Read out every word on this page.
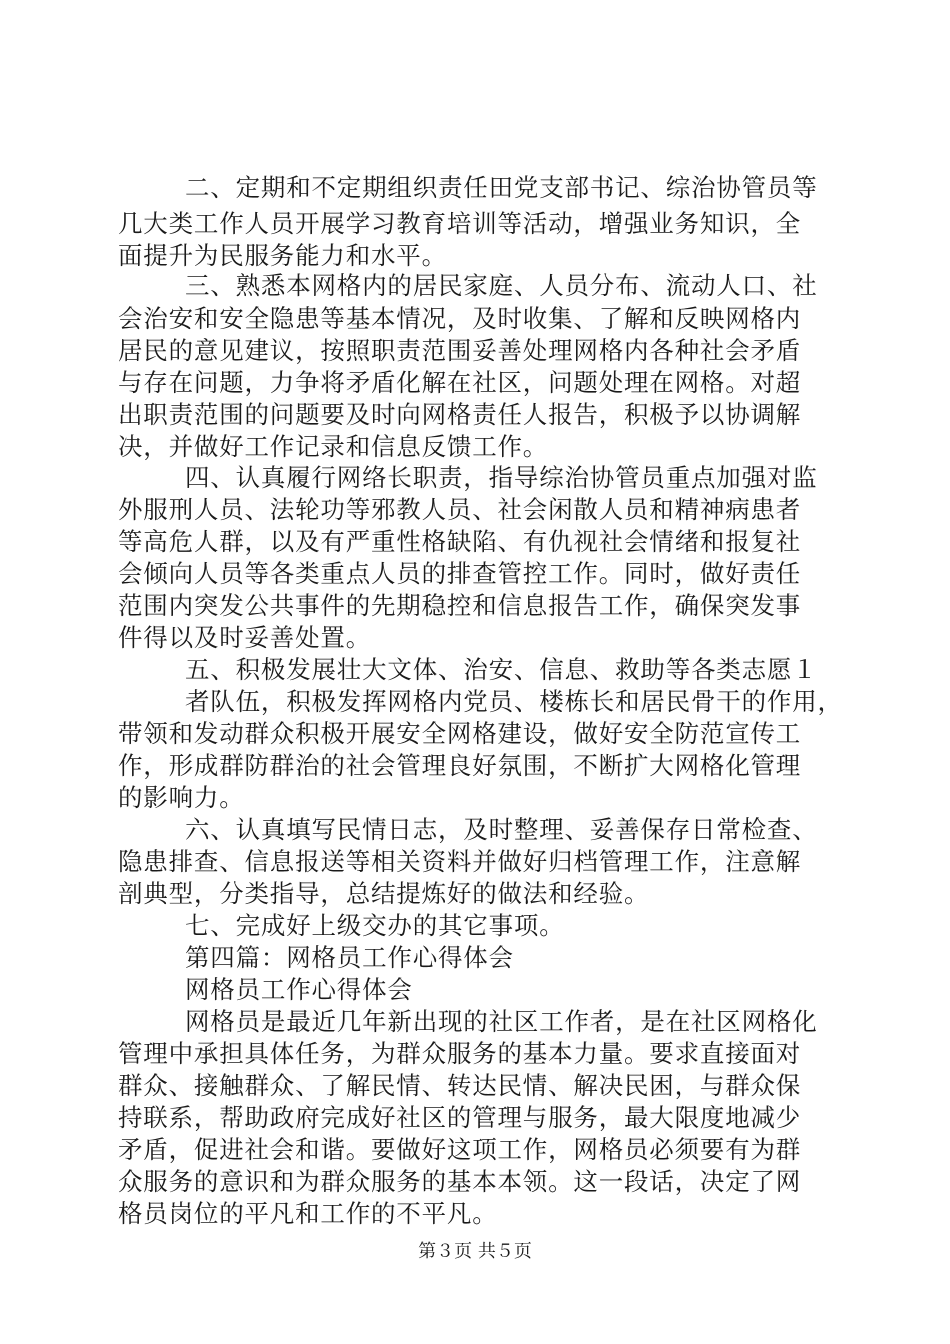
二、定期和不定期组织责任田党支部书记、综治协管员等
几大类工作人员开展学习教育培训等活动，增强业务知识，全
面提升为民服务能力和水平。
三、熟悉本网格内的居民家庭、人员分布、流动人口、社
会治安和安全隐患等基本情况，及时收集、了解和反映网格内
居民的意见建议，按照职责范围妥善处理网格内各种社会矛盾
与存在问题，力争将矛盾化解在社区，问题处理在网格。对超
出职责范围的问题要及时向网格责任人报告，积极予以协调解
决，并做好工作记录和信息反馈工作。
四、认真履行网络长职责，指导综治协管员重点加强对监
外服刑人员、法轮功等邪教人员、社会闲散人员和精神病患者
等高危人群，以及有严重性格缺陷、有仇视社会情绪和报复社
会倾向人员等各类重点人员的排查管控工作。同时，做好责任
范围内突发公共事件的先期稳控和信息报告工作，确保突发事
件得以及时妥善处置。
五、积极发展壮大文体、治安、信息、救助等各类志愿１
者队伍，积极发挥网格内党员、楼栋长和居民骨干的作用，
带领和发动群众积极开展安全网格建设，做好安全防范宣传工
作，形成群防群治的社会管理良好氛围，不断扩大网格化管理
的影响力。
六、认真填写民情日志，及时整理、妥善保存日常检查、
隐患排查、信息报送等相关资料并做好归档管理工作，注意解
剖典型，分类指导，总结提炼好的做法和经验。
七、完成好上级交办的其它事项。
第四篇：网格员工作心得体会
网格员工作心得体会
网格员是最近几年新出现的社区工作者，是在社区网格化
管理中承担具体任务，为群众服务的基本力量。要求直接面对
群众、接触群众、了解民情、转达民情、解决民困，与群众保
持联系，帮助政府完成好社区的管理与服务，最大限度地减少
矛盾，促进社会和谐。要做好这项工作，网格员必须要有为群
众服务的意识和为群众服务的基本本领。这一段话，决定了网
格员岗位的平凡和工作的不平凡。
第３页 共５页
